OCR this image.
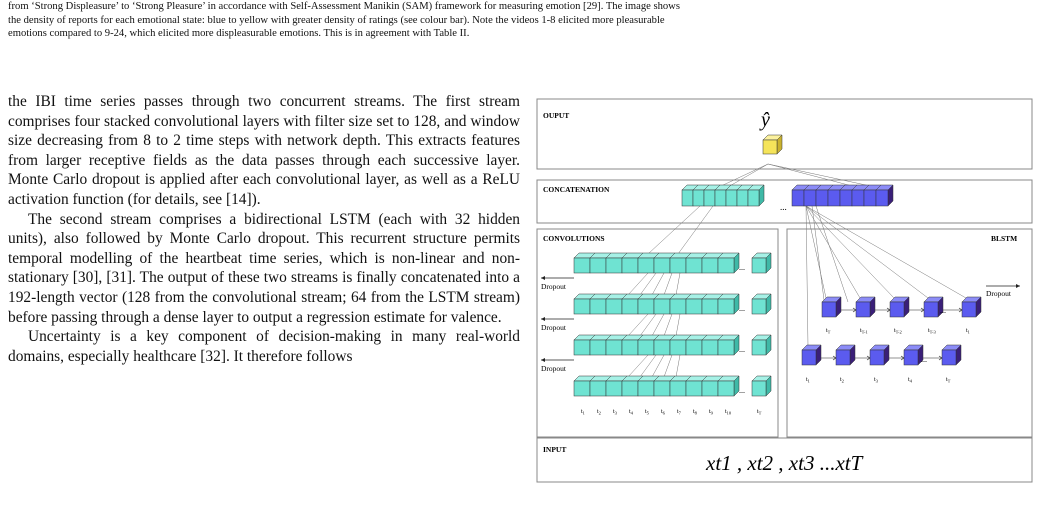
from ‘Strong Displeasure’ to ‘Strong Pleasure’ in accordance with Self-Assessment Manikin (SAM) framework for measuring emotion [29]. The image shows
the density of reports for each emotional state: blue to yellow with greater density of ratings (see colour bar). Note the videos 1-8 elicited more pleasurable
emotions compared to 9-24, which elicited more displeasurable emotions. This is in agreement with Table II.

the IBI time series passes through two concurrent streams. The first stream comprises four stacked convolutional layers with filter size set to 128, and window size decreasing from 8 to 2 time steps with network depth. This extracts features from larger receptive fields as the data passes through each successive layer. Monte Carlo dropout is applied after each convolutional layer, as well as a ReLU activation function (for details, see [14]).

The second stream comprises a bidirectional LSTM (each with 32 hidden units), also followed by Monte Carlo dropout. This recurrent structure permits temporal modelling of the heartbeat time series, which is non-linear and non-stationary [30], [31]. The output of these two streams is finally concatenated into a 192-length vector (128 from the convolutional stream; 64 from the LSTM stream) before passing through a dense layer to output a regression estimate for valence.

Uncertainty is a key component of decision-making in many real-world domains, especially healthcare [32]. It therefore follows

OUPUT
CONCATENATION
CONVOLUTIONS	BLSTM
INPUT
ŷ
xt1 , xt2 , xt3 ...xtT
...
Dropout
Dropout
Dropout
Dropout
...
...
...
...
$t_1$ $t_2$ $t_3$ $t_4$ $t_5$ $t_6$ $t_7$ $t_8$ $t_9$ $t_{10}$	$t_T$
$t_T$	$t_{T-1}$	$t_{T-2}$	$t_{T-3}$	$t_1$
...
$t_1$	$t_2$	$t_3$	$t_4$	$t_T$
...
